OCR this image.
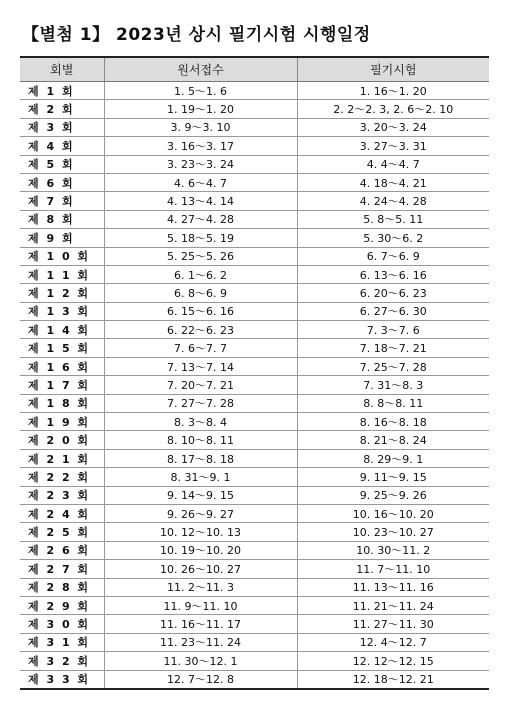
【별첨 1】 2023년 상시 필기시험 시행일정
회별	원서접수	필기시험
제 1 회	1. 5～1. 6	1. 16～1. 20
제 2 회	1. 19～1. 20	2. 2～2. 3, 2. 6～2. 10
제 3 회	3. 9～3. 10	3. 20～3. 24
제 4 회	3. 16～3. 17	3. 27～3. 31
제 5 회	3. 23～3. 24	4. 4～4. 7
제 6 회	4. 6～4. 7	4. 18～4. 21
제 7 회	4. 13～4. 14	4. 24～4. 28
제 8 회	4. 27～4. 28	5. 8～5. 11
제 9 회	5. 18～5. 19	5. 30～6. 2
제 1 0 회	5. 25～5. 26	6. 7～6. 9
제 1 1 회	6. 1～6. 2	6. 13～6. 16
제 1 2 회	6. 8～6. 9	6. 20～6. 23
제 1 3 회	6. 15～6. 16	6. 27～6. 30
제 1 4 회	6. 22～6. 23	7. 3～7. 6
제 1 5 회	7. 6～7. 7	7. 18～7. 21
제 1 6 회	7. 13～7. 14	7. 25～7. 28
제 1 7 회	7. 20～7. 21	7. 31～8. 3
제 1 8 회	7. 27～7. 28	8. 8～8. 11
제 1 9 회	8. 3～8. 4	8. 16～8. 18
제 2 0 회	8. 10～8. 11	8. 21～8. 24
제 2 1 회	8. 17～8. 18	8. 29～9. 1
제 2 2 회	8. 31～9. 1	9. 11～9. 15
제 2 3 회	9. 14～9. 15	9. 25～9. 26
제 2 4 회	9. 26～9. 27	10. 16～10. 20
제 2 5 회	10. 12～10. 13	10. 23～10. 27
제 2 6 회	10. 19～10. 20	10. 30～11. 2
제 2 7 회	10. 26～10. 27	11. 7～11. 10
제 2 8 회	11. 2～11. 3	11. 13～11. 16
제 2 9 회	11. 9～11. 10	11. 21～11. 24
제 3 0 회	11. 16～11. 17	11. 27～11. 30
제 3 1 회	11. 23～11. 24	12. 4～12. 7
제 3 2 회	11. 30～12. 1	12. 12～12. 15
제 3 3 회	12. 7～12. 8	12. 18～12. 21
